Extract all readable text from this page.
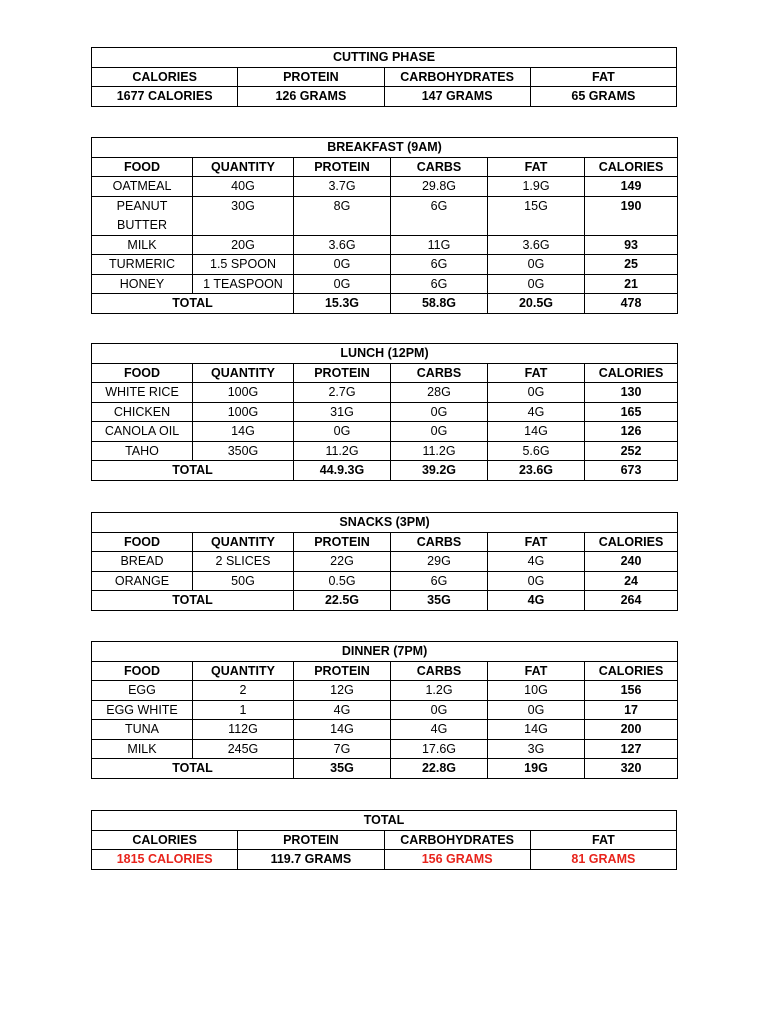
CUTTING PHASE			
CALORIES	PROTEIN	CARBOHYDRATES	FAT
1677 CALORIES	126 GRAMS	147 GRAMS	65 GRAMS
BREAKFAST (9AM)					
FOOD	QUANTITY	PROTEIN	CARBS	FAT	CALORIES
OATMEAL	40G	3.7G	29.8G	1.9G	149
PEANUT BUTTER	30G	8G	6G	15G	190
MILK	20G	3.6G	11G	3.6G	93
TURMERIC	1.5 SPOON	0G	6G	0G	25
HONEY	1 TEASPOON	0G	6G	0G	21
TOTAL		15.3G	58.8G	20.5G	478
LUNCH (12PM)					
FOOD	QUANTITY	PROTEIN	CARBS	FAT	CALORIES
WHITE RICE	100G	2.7G	28G	0G	130
CHICKEN	100G	31G	0G	4G	165
CANOLA OIL	14G	0G	0G	14G	126
TAHO	350G	11.2G	11.2G	5.6G	252
TOTAL		44.9.3G	39.2G	23.6G	673
SNACKS (3PM)					
FOOD	QUANTITY	PROTEIN	CARBS	FAT	CALORIES
BREAD	2 SLICES	22G	29G	4G	240
ORANGE	50G	0.5G	6G	0G	24
TOTAL		22.5G	35G	4G	264
DINNER (7PM)					
FOOD	QUANTITY	PROTEIN	CARBS	FAT	CALORIES
EGG	2	12G	1.2G	10G	156
EGG WHITE	1	4G	0G	0G	17
TUNA	112G	14G	4G	14G	200
MILK	245G	7G	17.6G	3G	127
TOTAL		35G	22.8G	19G	320
TOTAL			
CALORIES	PROTEIN	CARBOHYDRATES	FAT
1815 CALORIES	119.7 GRAMS	156 GRAMS	81 GRAMS
